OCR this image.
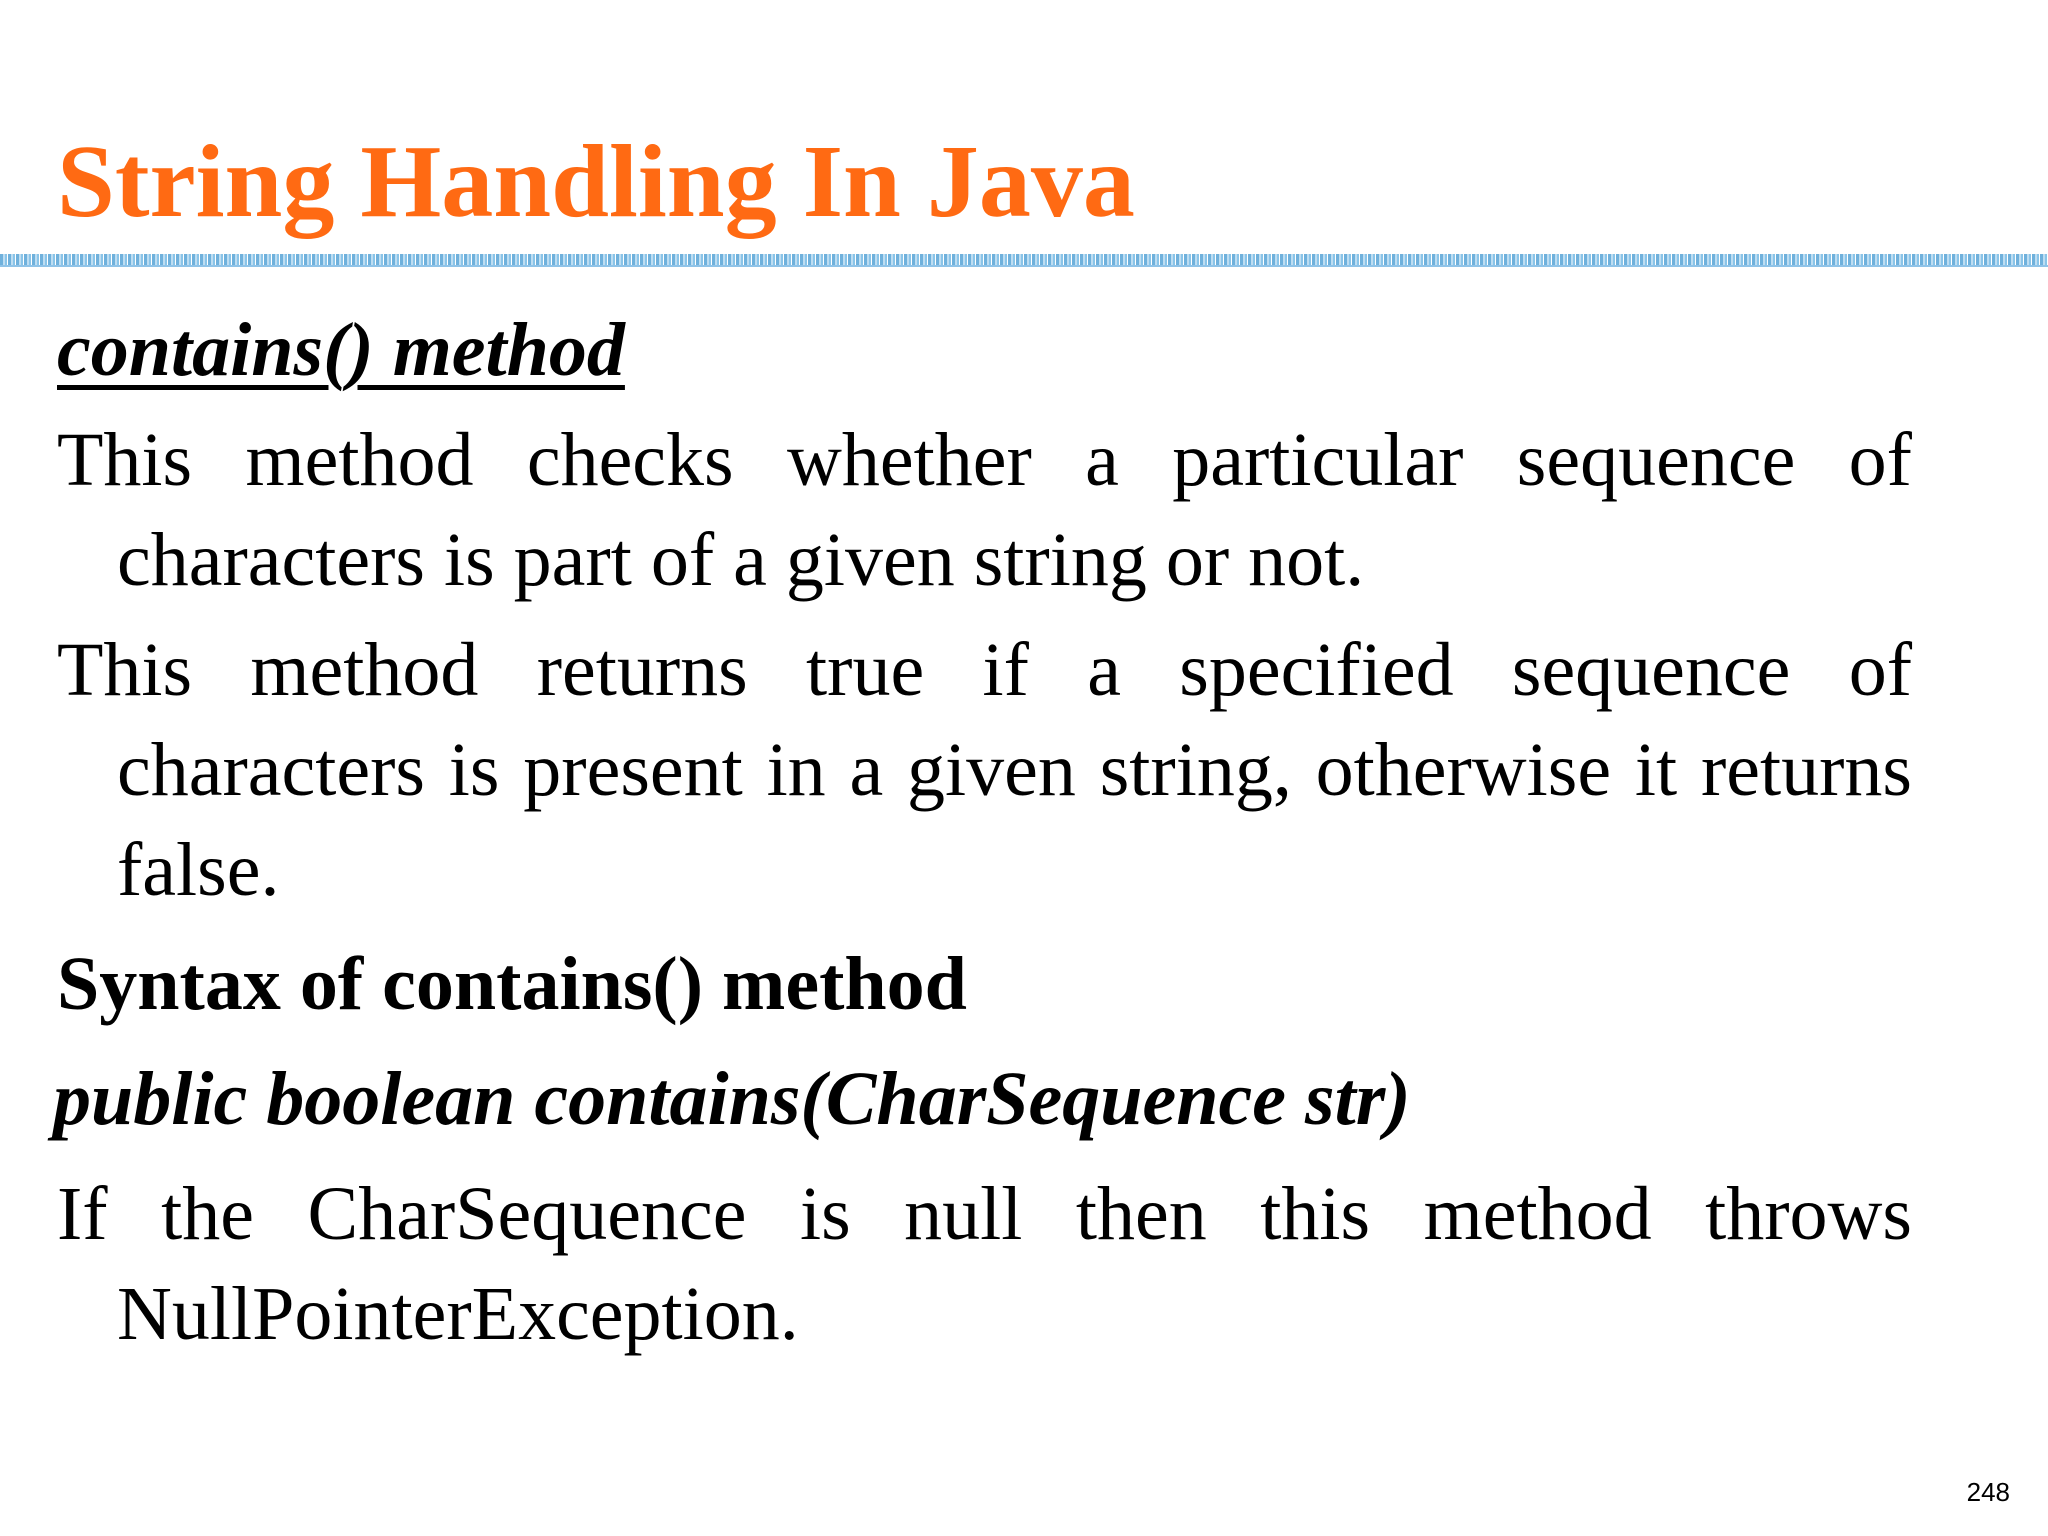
String Handling In Java

contains() method

This method checks whether a particular sequence of characters is part of a given string or not.

This method returns true if a specified sequence of characters is present in a given string, otherwise it returns false.

Syntax of contains() method

public boolean contains(CharSequence str)

If the CharSequence is null then this method throws NullPointerException.

248
